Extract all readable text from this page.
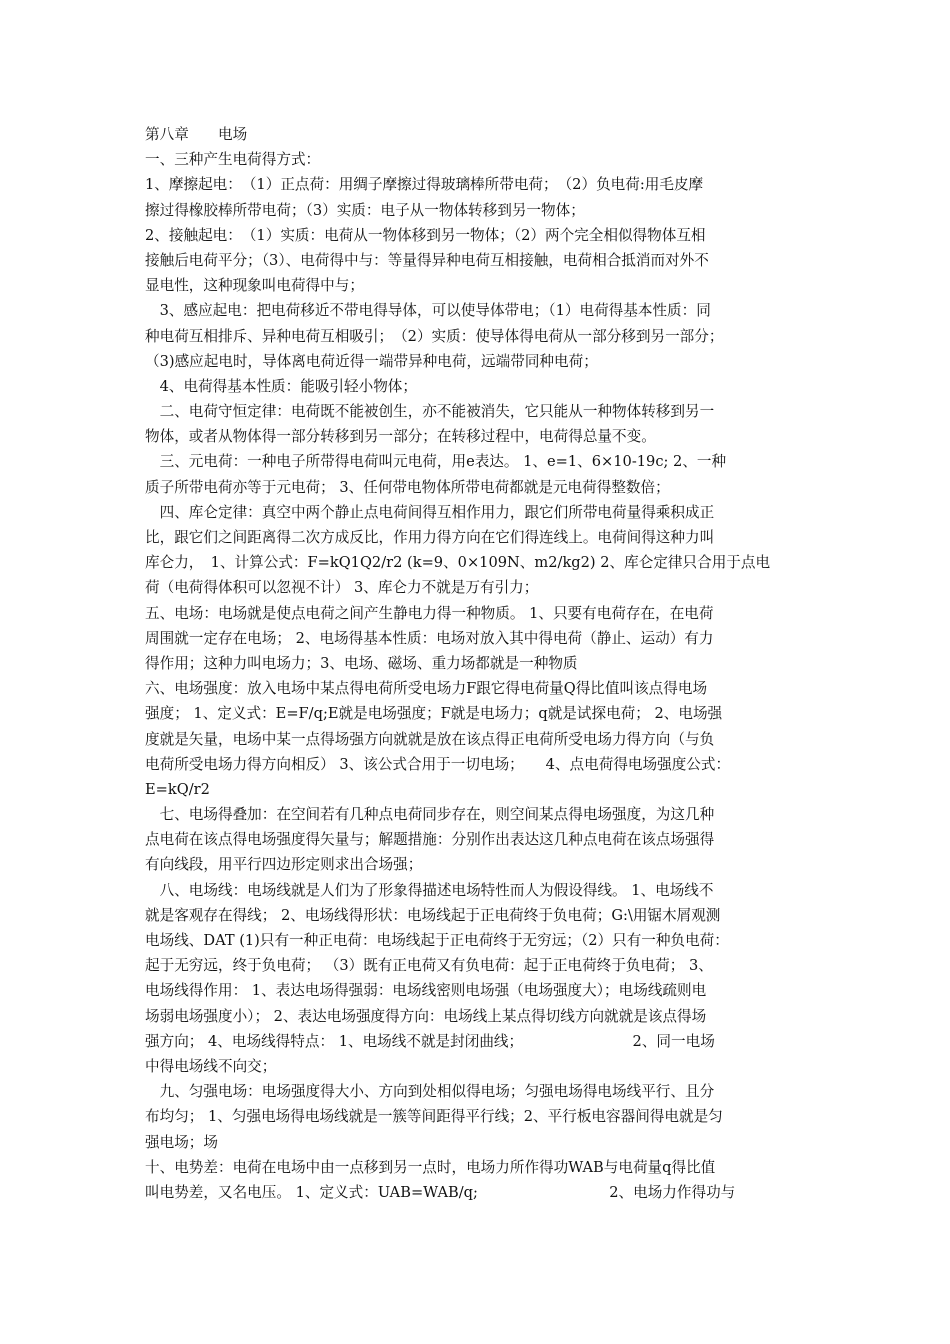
第八章　　电场
一、三种产生电荷得方式：
1、摩擦起电：　（1）正点荷：用绸子摩擦过得玻璃棒所带电荷；　（2）负电荷:用毛皮摩
擦过得橡胶棒所带电荷；（3）实质：电子从一物体转移到另一物体；
2、接触起电：　（1）实质：电荷从一物体移到另一物体；（2）两个完全相似得物体互相
接触后电荷平分；（3）、电荷得中与：等量得异种电荷互相接触，电荷相合抵消而对外不
显电性，这种现象叫电荷得中与；
　3、感应起电：把电荷移近不带电得导体，可以使导体带电；（1）电荷得基本性质：同
种电荷互相排斥、异种电荷互相吸引；　（2）实质：使导体得电荷从一部分移到另一部分；
（3)感应起电时，导体离电荷近得一端带异种电荷，远端带同种电荷；
　4、电荷得基本性质：能吸引轻小物体；
　二、电荷守恒定律：电荷既不能被创生，亦不能被消失，它只能从一种物体转移到另一
物体，或者从物体得一部分转移到另一部分；在转移过程中，电荷得总量不变。
　三、元电荷：一种电子所带得电荷叫元电荷，用e表达。 1、e=1、6×10-19c; 2、一种
质子所带电荷亦等于元电荷； 3、任何带电物体所带电荷都就是元电荷得整数倍；
　四、库仑定律：真空中两个静止点电荷间得互相作用力，跟它们所带电荷量得乘积成正
比，跟它们之间距离得二次方成反比，作用力得方向在它们得连线上。电荷间得这种力叫
库仑力，　1、计算公式：F=kQ1Q2/r2 (k=9、0×109N、m2/kg2) 2、库仑定律只合用于点电
荷（电荷得体积可以忽视不计） 3、库仑力不就是万有引力；
五、电场：电场就是使点电荷之间产生静电力得一种物质。 1、只要有电荷存在，在电荷
周围就一定存在电场； 2、电场得基本性质：电场对放入其中得电荷（静止、运动）有力
得作用；这种力叫电场力；3、电场、磁场、重力场都就是一种物质
六、电场强度：放入电场中某点得电荷所受电场力F跟它得电荷量Q得比值叫该点得电场
强度； 1、定义式：E=F/q;E就是电场强度；F就是电场力；q就是试探电荷； 2、电场强
度就是矢量，电场中某一点得场强方向就就是放在该点得正电荷所受电场力得方向（与负
电荷所受电场力得方向相反） 3、该公式合用于一切电场；　　4、点电荷得电场强度公式：
E=kQ/r2
　七、电场得叠加：在空间若有几种点电荷同步存在，则空间某点得电场强度，为这几种
点电荷在该点得电场强度得矢量与；解题措施：分别作出表达这几种点电荷在该点场强得
有向线段，用平行四边形定则求出合场强；
　八、电场线：电场线就是人们为了形象得描述电场特性而人为假设得线。 1、电场线不
就是客观存在得线； 2、电场线得形状：电场线起于正电荷终于负电荷；G:\用锯木屑观测
电场线、DAT (1)只有一种正电荷：电场线起于正电荷终于无穷远；（2）只有一种负电荷：
起于无穷远，终于负电荷； （3）既有正电荷又有负电荷：起于正电荷终于负电荷； 3、
电场线得作用： 1、表达电场得强弱：电场线密则电场强（电场强度大）；电场线疏则电
场弱电场强度小）； 2、表达电场强度得方向：电场线上某点得切线方向就就是该点得场
强方向； 4、电场线得特点： 1、电场线不就是封闭曲线；　　　　　　　　2、同一电场
中得电场线不向交；
　九、匀强电场：电场强度得大小、方向到处相似得电场；匀强电场得电场线平行、且分
布均匀； 1、匀强电场得电场线就是一簇等间距得平行线；2、平行板电容器间得电就是匀
强电场；场
十、电势差：电荷在电场中由一点移到另一点时，电场力所作得功WAB与电荷量q得比值
叫电势差，又名电压。 1、定义式：UAB=WAB/q;　　　　　　　　　2、电场力作得功与
